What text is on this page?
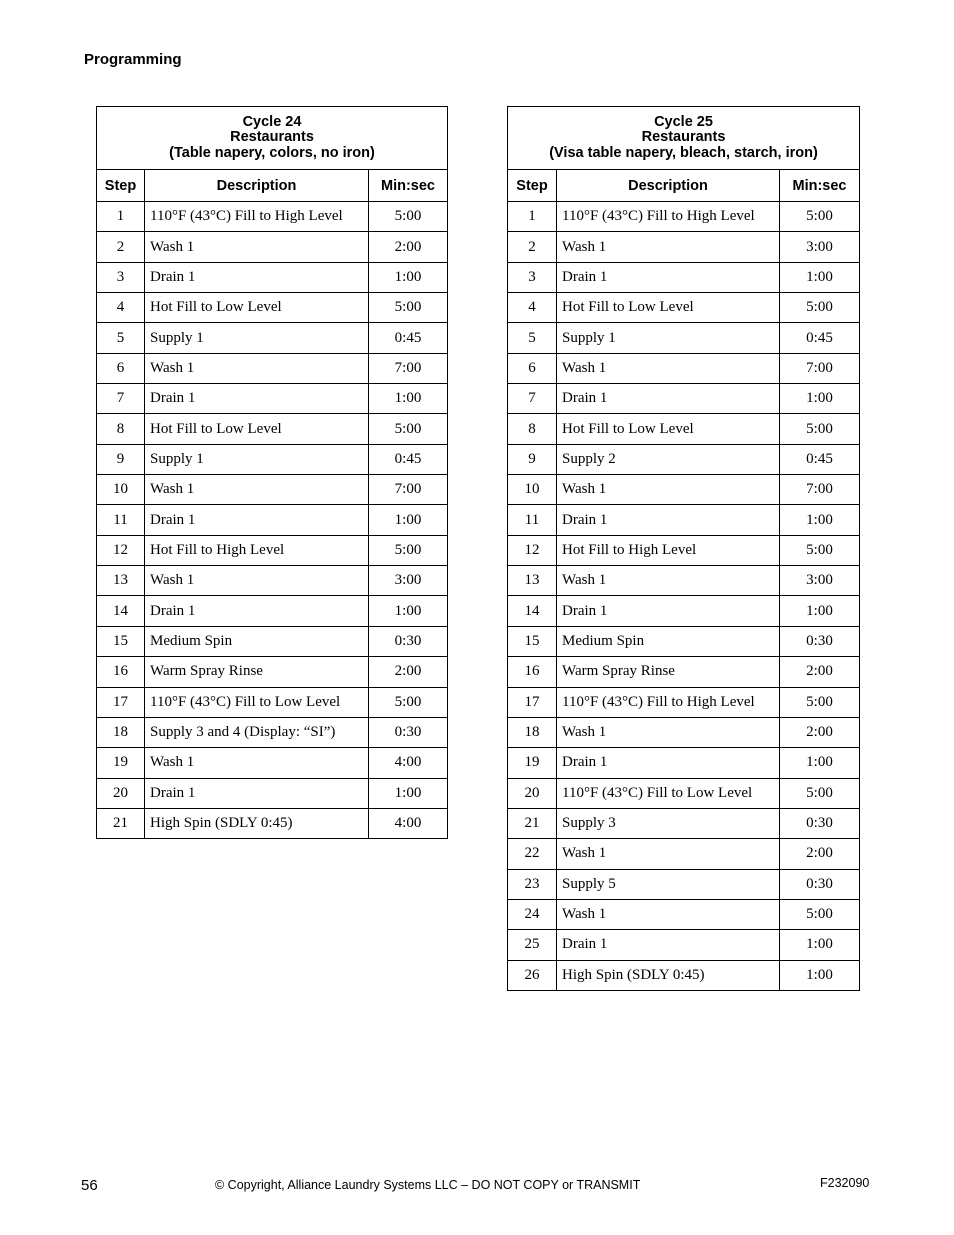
Programming
Cycle 24
Restaurants
(Table napery, colors, no iron)		

Step	Description	Min:sec
1	110°F (43°C) Fill to High Level	5:00
2	Wash 1	2:00
3	Drain 1	1:00
4	Hot Fill to Low Level	5:00
5	Supply 1	0:45
6	Wash 1	7:00
7	Drain 1	1:00
8	Hot Fill to Low Level	5:00
9	Supply 1	0:45
10	Wash 1	7:00
11	Drain 1	1:00
12	Hot Fill to High Level	5:00
13	Wash 1	3:00
14	Drain 1	1:00
15	Medium Spin	0:30
16	Warm Spray Rinse	2:00
17	110°F (43°C) Fill to Low Level	5:00
18	Supply 3 and 4 (Display: “SI”)	0:30
19	Wash 1	4:00
20	Drain 1	1:00
21	High Spin (SDLY 0:45)	4:00
Cycle 25
Restaurants
(Visa table napery, bleach, starch, iron)		

Step	Description	Min:sec
1	110°F (43°C) Fill to High Level	5:00
2	Wash 1	3:00
3	Drain 1	1:00
4	Hot Fill to Low Level	5:00
5	Supply 1	0:45
6	Wash 1	7:00
7	Drain 1	1:00
8	Hot Fill to Low Level	5:00
9	Supply 2	0:45
10	Wash 1	7:00
11	Drain 1	1:00
12	Hot Fill to High Level	5:00
13	Wash 1	3:00
14	Drain 1	1:00
15	Medium Spin	0:30
16	Warm Spray Rinse	2:00
17	110°F (43°C) Fill to High Level	5:00
18	Wash 1	2:00
19	Drain 1	1:00
20	110°F (43°C) Fill to Low Level	5:00
21	Supply 3	0:30
22	Wash 1	2:00
23	Supply 5	0:30
24	Wash 1	5:00
25	Drain 1	1:00
26	High Spin (SDLY 0:45)	1:00
56	© Copyright, Alliance Laundry Systems LLC – DO NOT COPY or TRANSMIT	F232090
